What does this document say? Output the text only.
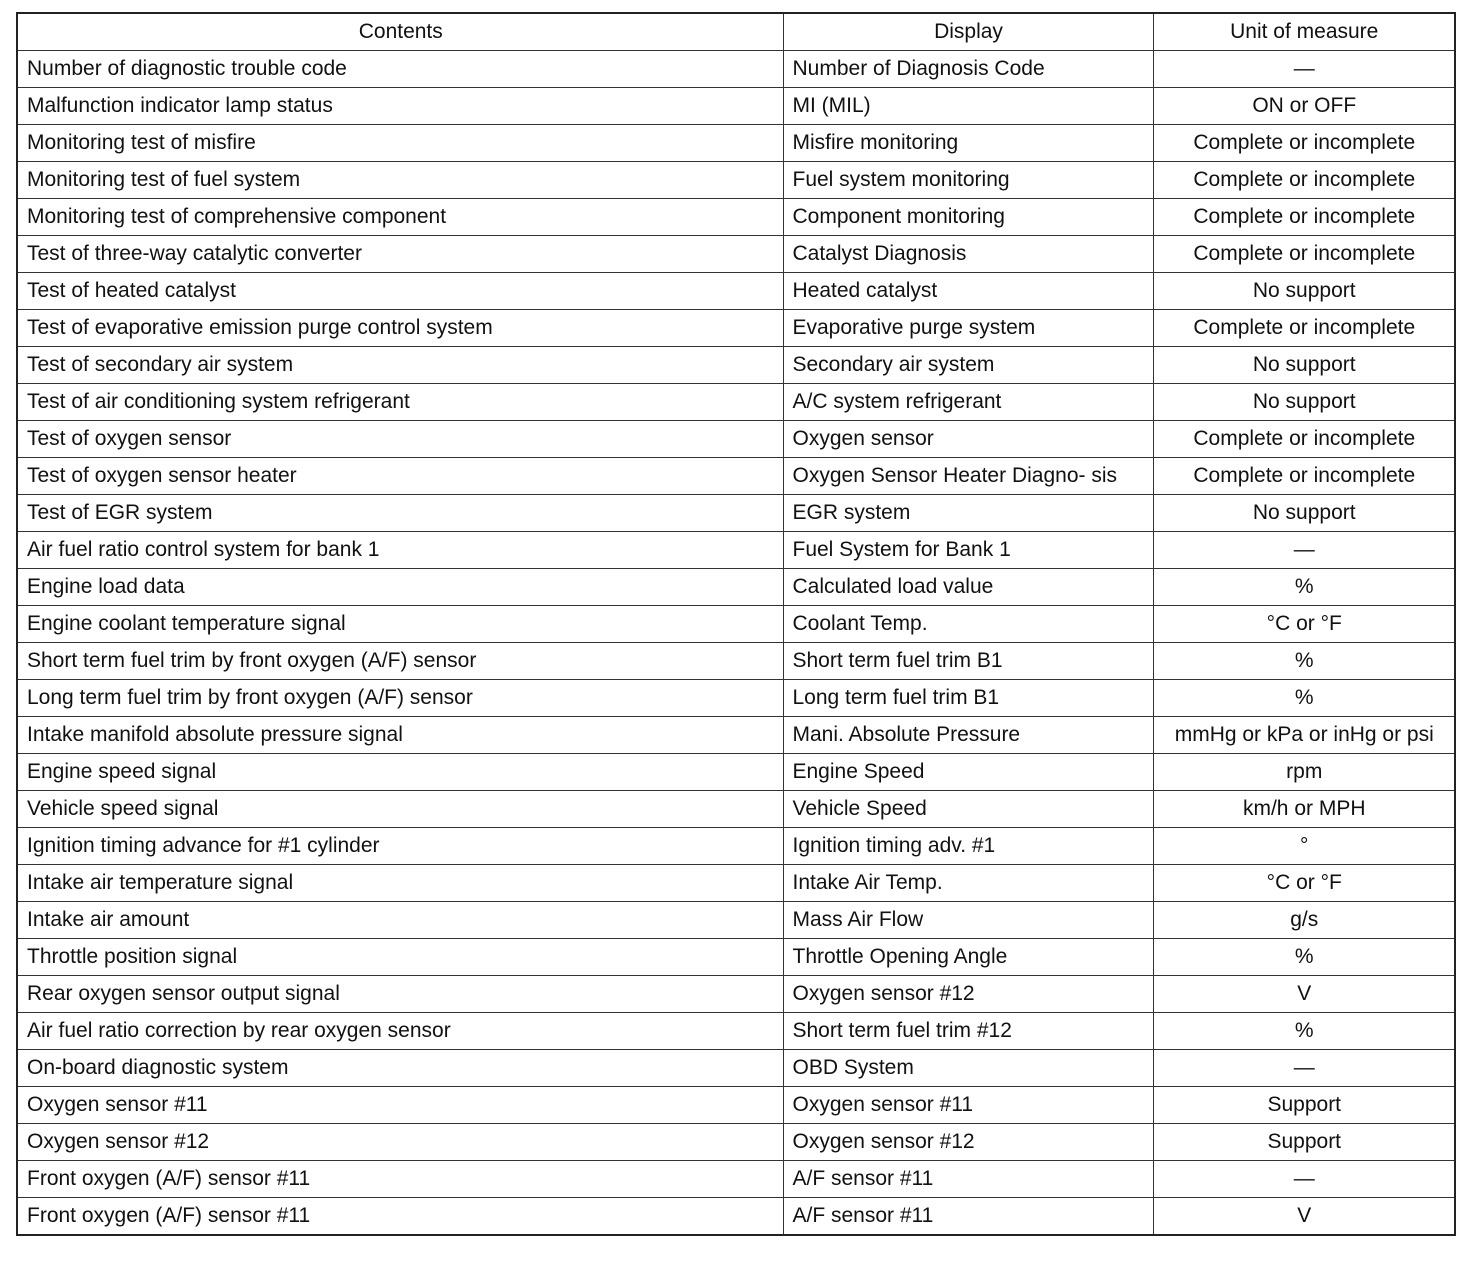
Contents	Display	Unit of measure
Number of diagnostic trouble code	Number of Diagnosis Code	—
Malfunction indicator lamp status	MI (MIL)	ON or OFF
Monitoring test of misfire	Misfire monitoring	Complete or incomplete
Monitoring test of fuel system	Fuel system monitoring	Complete or incomplete
Monitoring test of comprehensive component	Component monitoring	Complete or incomplete
Test of three-way catalytic converter	Catalyst Diagnosis	Complete or incomplete
Test of heated catalyst	Heated catalyst	No support
Test of evaporative emission purge control system	Evaporative purge system	Complete or incomplete
Test of secondary air system	Secondary air system	No support
Test of air conditioning system refrigerant	A/C system refrigerant	No support
Test of oxygen sensor	Oxygen sensor	Complete or incomplete
Test of oxygen sensor heater	Oxygen Sensor Heater Diagno- sis	Complete or incomplete
Test of EGR system	EGR system	No support
Air fuel ratio control system for bank 1	Fuel System for Bank 1	—
Engine load data	Calculated load value	%
Engine coolant temperature signal	Coolant Temp.	°C or °F
Short term fuel trim by front oxygen (A/F) sensor	Short term fuel trim B1	%
Long term fuel trim by front oxygen (A/F) sensor	Long term fuel trim B1	%
Intake manifold absolute pressure signal	Mani. Absolute Pressure	mmHg or kPa or inHg or psi
Engine speed signal	Engine Speed	rpm
Vehicle speed signal	Vehicle Speed	km/h or MPH
Ignition timing advance for #1 cylinder	Ignition timing adv. #1	°
Intake air temperature signal	Intake Air Temp.	°C or °F
Intake air amount	Mass Air Flow	g/s
Throttle position signal	Throttle Opening Angle	%
Rear oxygen sensor output signal	Oxygen sensor #12	V
Air fuel ratio correction by rear oxygen sensor	Short term fuel trim #12	%
On-board diagnostic system	OBD System	—
Oxygen sensor #11	Oxygen sensor #11	Support
Oxygen sensor #12	Oxygen sensor #12	Support
Front oxygen (A/F) sensor #11	A/F sensor #11	—
Front oxygen (A/F) sensor #11	A/F sensor #11	V
